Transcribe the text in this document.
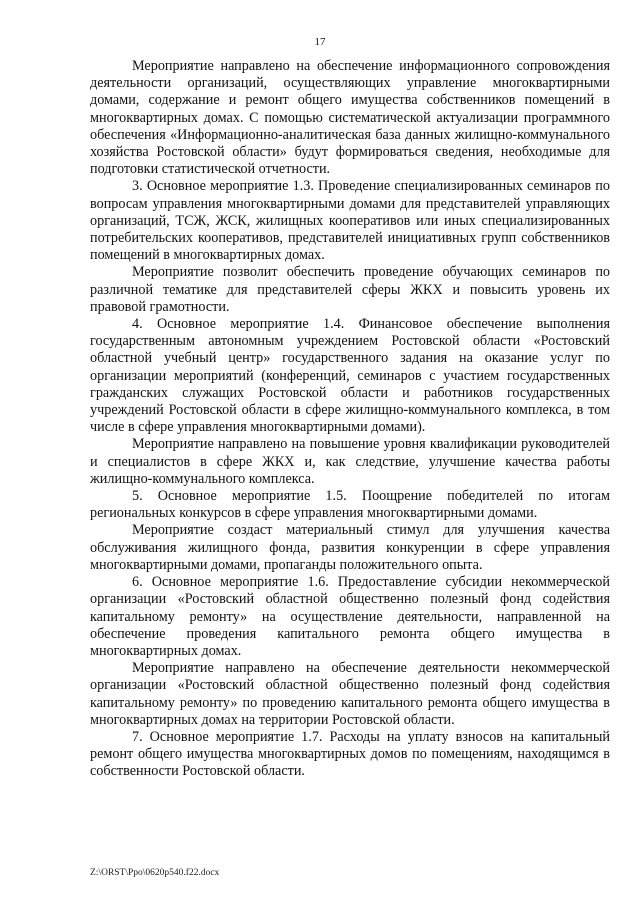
17

Мероприятие направлено на обеспечение информационного сопровождения деятельности организаций, осуществляющих управление многоквартирными домами, содержание и ремонт общего имущества собственников помещений в многоквартирных домах. С помощью систематической актуализации программного обеспечения «Информационно-аналитическая база данных жилищно-коммунального хозяйства Ростовской области» будут формироваться сведения, необходимые для подготовки статистической отчетности.

3. Основное мероприятие 1.3. Проведение специализированных семинаров по вопросам управления многоквартирными домами для представителей управляющих организаций, ТСЖ, ЖСК, жилищных кооперативов или иных специализированных потребительских кооперативов, представителей инициативных групп собственников помещений в многоквартирных домах.

Мероприятие позволит обеспечить проведение обучающих семинаров по различной тематике для представителей сферы ЖКХ и повысить уровень их правовой грамотности.

4. Основное мероприятие 1.4. Финансовое обеспечение выполнения государственным автономным учреждением Ростовской области «Ростовский областной учебный центр» государственного задания на оказание услуг по организации мероприятий (конференций, семинаров с участием государственных гражданских служащих Ростовской области и работников государственных учреждений Ростовской области в сфере жилищно-коммунального комплекса, в том числе в сфере управления многоквартирными домами).

Мероприятие направлено на повышение уровня квалификации руководителей и специалистов в сфере ЖКХ и, как следствие, улучшение качества работы жилищно-коммунального комплекса.

5. Основное мероприятие 1.5. Поощрение победителей по итогам региональных конкурсов в сфере управления многоквартирными домами.

Мероприятие создаст материальный стимул для улучшения качества обслуживания жилищного фонда, развития конкуренции в сфере управления многоквартирными домами, пропаганды положительного опыта.

6. Основное мероприятие 1.6. Предоставление субсидии некоммерческой организации «Ростовский областной общественно полезный фонд содействия капитальному ремонту» на осуществление деятельности, направленной на обеспечение проведения капитального ремонта общего имущества в многоквартирных домах.

Мероприятие направлено на обеспечение деятельности некоммерческой организации «Ростовский областной общественно полезный фонд содействия капитальному ремонту» по проведению капитального ремонта общего имущества в многоквартирных домах на территории Ростовской области.

7. Основное мероприятие 1.7. Расходы на уплату взносов на капитальный ремонт общего имущества многоквартирных домов по помещениям, находящимся в собственности Ростовской области.

Z:\ORST\Ppo\0620p540.f22.docx
